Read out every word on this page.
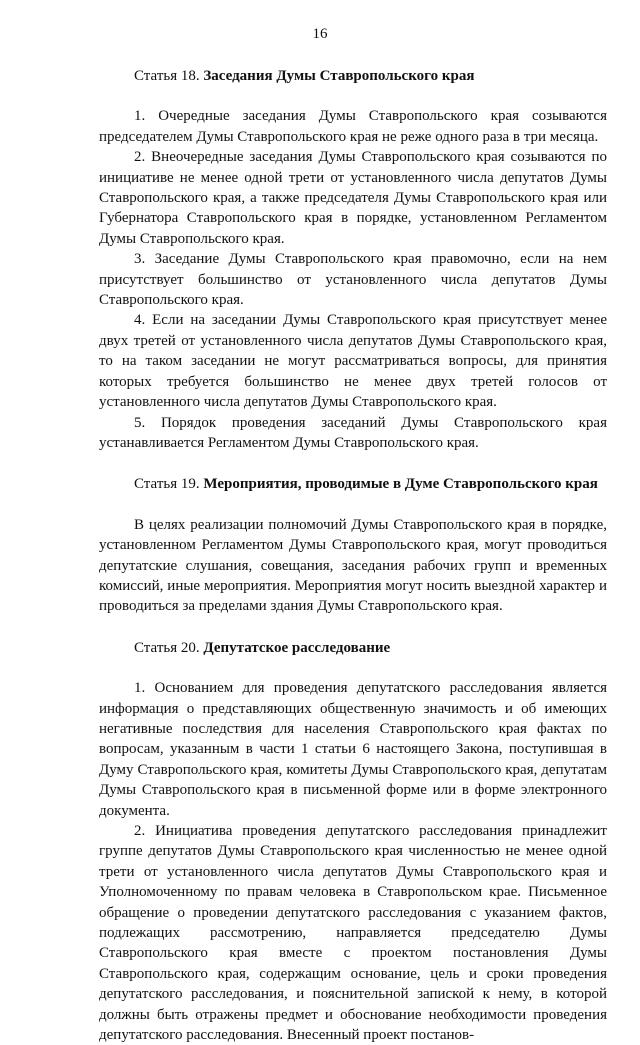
16

Статья 18. Заседания Думы Ставропольского края

1. Очередные заседания Думы Ставропольского края созываются председателем Думы Ставропольского края не реже одного раза в три месяца.

2. Внеочередные заседания Думы Ставропольского края созываются по инициативе не менее одной трети от установленного числа депутатов Думы Ставропольского края, а также председателя Думы Ставропольского края или Губернатора Ставропольского края в порядке, установленном Регламентом Думы Ставропольского края.

3. Заседание Думы Ставропольского края правомочно, если на нем присутствует большинство от установленного числа депутатов Думы Ставропольского края.

4. Если на заседании Думы Ставропольского края присутствует менее двух третей от установленного числа депутатов Думы Ставропольского края, то на таком заседании не могут рассматриваться вопросы, для принятия которых требуется большинство не менее двух третей голосов от установленного числа депутатов Думы Ставропольского края.

5. Порядок проведения заседаний Думы Ставропольского края устанавливается Регламентом Думы Ставропольского края.

Статья 19. Мероприятия, проводимые в Думе Ставропольского края

В целях реализации полномочий Думы Ставропольского края в порядке, установленном Регламентом Думы Ставропольского края, могут проводиться депутатские слушания, совещания, заседания рабочих групп и временных комиссий, иные мероприятия. Мероприятия могут носить выездной характер и проводиться за пределами здания Думы Ставропольского края.

Статья 20. Депутатское расследование

1. Основанием для проведения депутатского расследования является информация о представляющих общественную значимость и об имеющих негативные последствия для населения Ставропольского края фактах по вопросам, указанным в части 1 статьи 6 настоящего Закона, поступившая в Думу Ставропольского края, комитеты Думы Ставропольского края, депутатам Думы Ставропольского края в письменной форме или в форме электронного документа.

2. Инициатива проведения депутатского расследования принадлежит группе депутатов Думы Ставропольского края численностью не менее одной трети от установленного числа депутатов Думы Ставропольского края и Уполномоченному по правам человека в Ставропольском крае. Письменное обращение о проведении депутатского расследования с указанием фактов, подлежащих рассмотрению, направляется председателю Думы Ставропольского края вместе с проектом постановления Думы Ставропольского края, содержащим основание, цель и сроки проведения депутатского расследования, и пояснительной запиской к нему, в которой должны быть отражены предмет и обоснование необходимости проведения депутатского расследования. Внесенный проект постанов-
